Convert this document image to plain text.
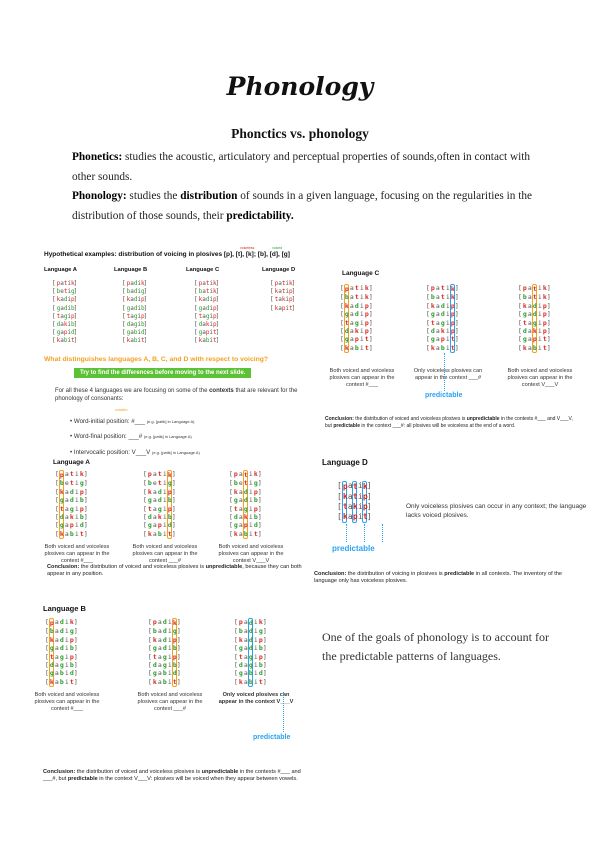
Phonology
Phonctics vs. phonology
Phonetics: studies the acoustic, articulatory and perceptual properties of sounds,often in contact with other sounds.
Phonology: studies the distribution of sounds in a given language, focusing on the regularities in the distribution of those sounds, their predictability.
voiceless	voiced
Hypothetical examples: distribution of voicing in plosives [p], [t], [k]; [b], [d], [g]
Language A
[ p a t i k
]
[ b e t i g
]
[ k a d i p
]
[ g a d i b
]
[ t a g i p
]
[ d a k i b
]
[ g a p i d
]
[ k a b i t
]
Language B
[ p a d i k
]
[ b a d i g
]
[ k a d i p
]
[ g a d i b
]
[ t a g i p
]
[ d a g i b
]
[ g a b i d
]
[ k a b i t
]
Language C
[ p a t i k
]
[ b a t i k
]
[ k a d i p
]
[ g a d i p
]
[ t a g i p
]
[ d a k i p
]
[ g a p i t
]
[ k a b i t
]
Language D
[ p a t i k
]
[ k a t i p
]
[ t a k i p
]
[ k a p i t
]
What distinguishes languages A, B, C, and D with respect to voicing?
Try to find the differences before moving to the next slide.
For all these 4 languages we are focusing on some of the contexts that are relevant for the phonology of consonants:
notation
• Word-initial position: #___ (e.g. [patik] in Language A)
• Word-final position: ___# (e.g. [patik] in Language A)
• Intervocalic position: V___V (e.g. [patik] in Language A)
Language A
[ p a t i k ]
[ b e t i g ]
[ k a d i p ]
[ g a d i b ]
[ t a g i p ]
[ d a k i b ]
[ g a p i d ]
[ k a b i t ]
Both voiced and voiceless plosives can appear in the context #___
[ p a t i k ]
[ b e t i g ]
[ k a d i p ]
[ g a d i b ]
[ t a g i p ]
[ d a k i b ]
[ g a p i d ]
[ k a b i t ]
Both voiced and voiceless plosives can appear in the context ___#
[ p a t i k ]
[ b e t i g ]
[ k a d i p ]
[ g a d i b ]
[ t a g i p ]
[ d a k i b ]
[ g a p i d ]
[ k a b i t ]
Both voiced and voiceless plosives can appear in the context V___V
Conclusion: the distribution of voiced and voiceless plosives is unpredictable, because they can both appear in any position.
Language B
[ p a d i k ]
[ b a d i g ]
[ k a d i p ]
[ g a d i b ]
[ t a g i p ]
[ d a g i b ]
[ g a b i d ]
[ k a b i t ]
Both voiced and voiceless plosives can appear in the context #___
[ p a d i k ]
[ b a d i g ]
[ k a d i p ]
[ g a d i b ]
[ t a g i p ]
[ d a g i b ]
[ g a b i d ]
[ k a b i t ]
Both voiced and voiceless plosives can appear in the context ___#
[ p a d i k ]
[ b a d i g ]
[ k a d i p ]
[ g a d i b ]
[ t a g i p ]
[ d a g i b ]
[ g a b i d ]
[ k a b i t ]
Only voiced plosives can appear in the context V___V
predictable
Conclusion: the distribution of voiced and voiceless plosives is unpredictable in the contexts #___ and ___#, but predictable in the context V___V: plosives will be voiced when they appear between vowels.
Language C
[ p a t i k ]
[ b a t i k ]
[ k a d i p ]
[ g a d i p ]
[ t a g i p ]
[ d a k i p ]
[ g a p i t ]
[ k a b i t ]
Both voiced and voiceless plosives can appear in the context #___
[ p a t i k ]
[ b a t i k ]
[ k a d i p ]
[ g a d i p ]
[ t a g i p ]
[ d a k i p ]
[ g a p i t ]
[ k a b i t ]
Only voiceless plosives can appear in the context ___#
[ p a t i k ]
[ b a t i k ]
[ k a d i p ]
[ g a d i p ]
[ t a g i p ]
[ d a k i p ]
[ g a p i t ]
[ k a b i t ]
Both voiced and voiceless plosives can appear in the context V___V
predictable
Conclusion: the distribution of voiced and voiceless plosives is unpredictable in the contexts #___ and V___V, but predictable in the context ___#: all plosives will be voiceless at the end of a word.
Language D
[ p a t i k ]
[ k a t i p ]
[ t a k i p ]
[ k a p i t ]
predictable
Only voiceless plosives can occur in any context; the language lacks voiced plosives.
Conclusion: the distribution of voicing in plosives is predictable in all contexts. The inventory of the language only has voiceless plosives.
One of the goals of phonology is to account for the predictable patterns of languages.
